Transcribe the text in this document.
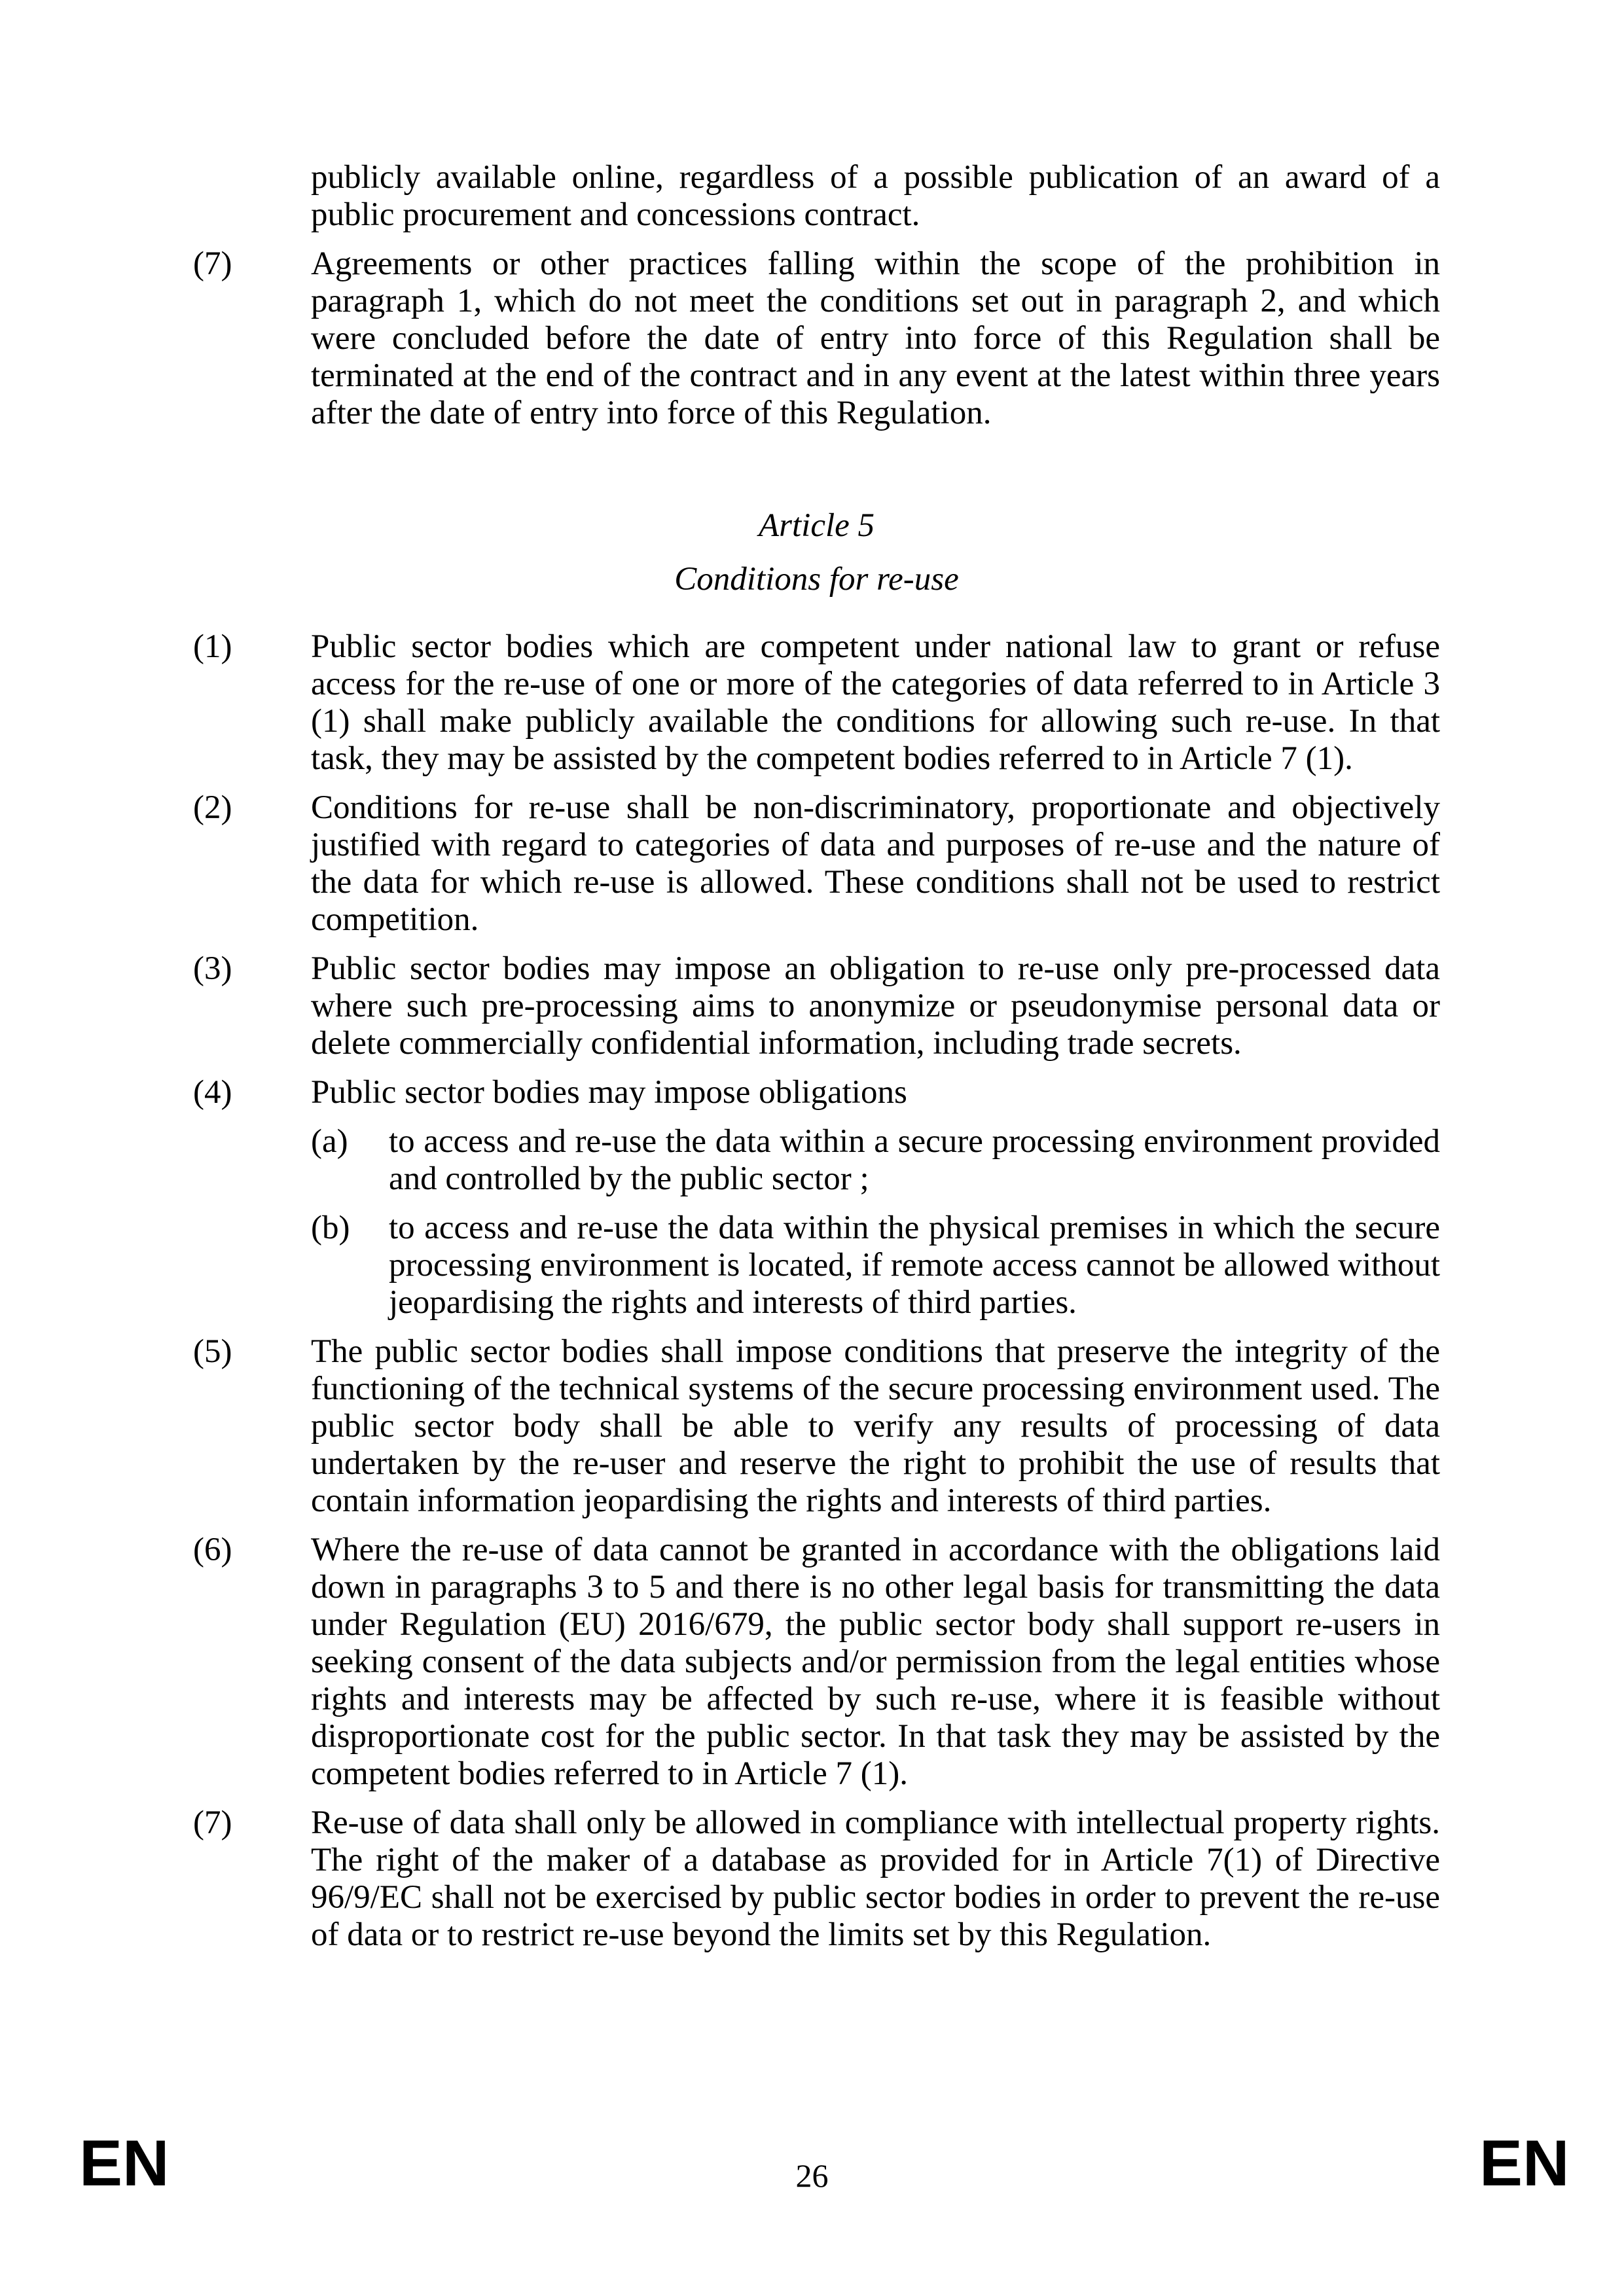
publicly available online, regardless of a possible publication of an award of a public procurement and concessions contract.
(7)	Agreements or other practices falling within the scope of the prohibition in paragraph 1, which do not meet the conditions set out in paragraph 2, and which were concluded before the date of entry into force of this Regulation shall be terminated at the end of the contract and in any event at the latest within three years after the date of entry into force of this Regulation.
Article 5
Conditions for re-use
(1)	Public sector bodies which are competent under national law to grant or refuse access for the re-use of one or more of the categories of data referred to in Article 3 (1) shall make publicly available the conditions for allowing such re-use. In that task, they may be assisted by the competent bodies referred to in Article 7 (1).
(2)	Conditions for re-use shall be non-discriminatory, proportionate and objectively justified with regard to categories of data and purposes of re-use and the nature of the data for which re-use is allowed. These conditions shall not be used to restrict competition.
(3)	Public sector bodies may impose an obligation to re-use only pre-processed data where such pre-processing aims to anonymize or pseudonymise personal data or delete commercially confidential information, including trade secrets.
(4)	Public sector bodies may impose obligations
(a)	to access and re-use the data within a secure processing environment provided and controlled by the public sector ;
(b)	to access and re-use the data within the physical premises in which the secure processing environment is located, if remote access cannot be allowed without jeopardising the rights and interests of third parties.
(5)	The public sector bodies shall impose conditions that preserve the integrity of the functioning of the technical systems of the secure processing environment used. The public sector body shall be able to verify any results of processing of data undertaken by the re-user and reserve the right to prohibit the use of results that contain information jeopardising the rights and interests of third parties.
(6)	Where the re-use of data cannot be granted in accordance with the obligations laid down in paragraphs 3 to 5 and there is no other legal basis for transmitting the data under Regulation (EU) 2016/679, the public sector body shall support re-users in seeking consent of the data subjects and/or permission from the legal entities whose rights and interests may be affected by such re-use, where it is feasible without disproportionate cost for the public sector. In that task they may be assisted by the competent bodies referred to in Article 7 (1).
(7)	Re-use of data shall only be allowed in compliance with intellectual property rights. The right of the maker of a database as provided for in Article 7(1) of Directive 96/9/EC shall not be exercised by public sector bodies in order to prevent the re-use of data or to restrict re-use beyond the limits set by this Regulation.
EN	26	EN
